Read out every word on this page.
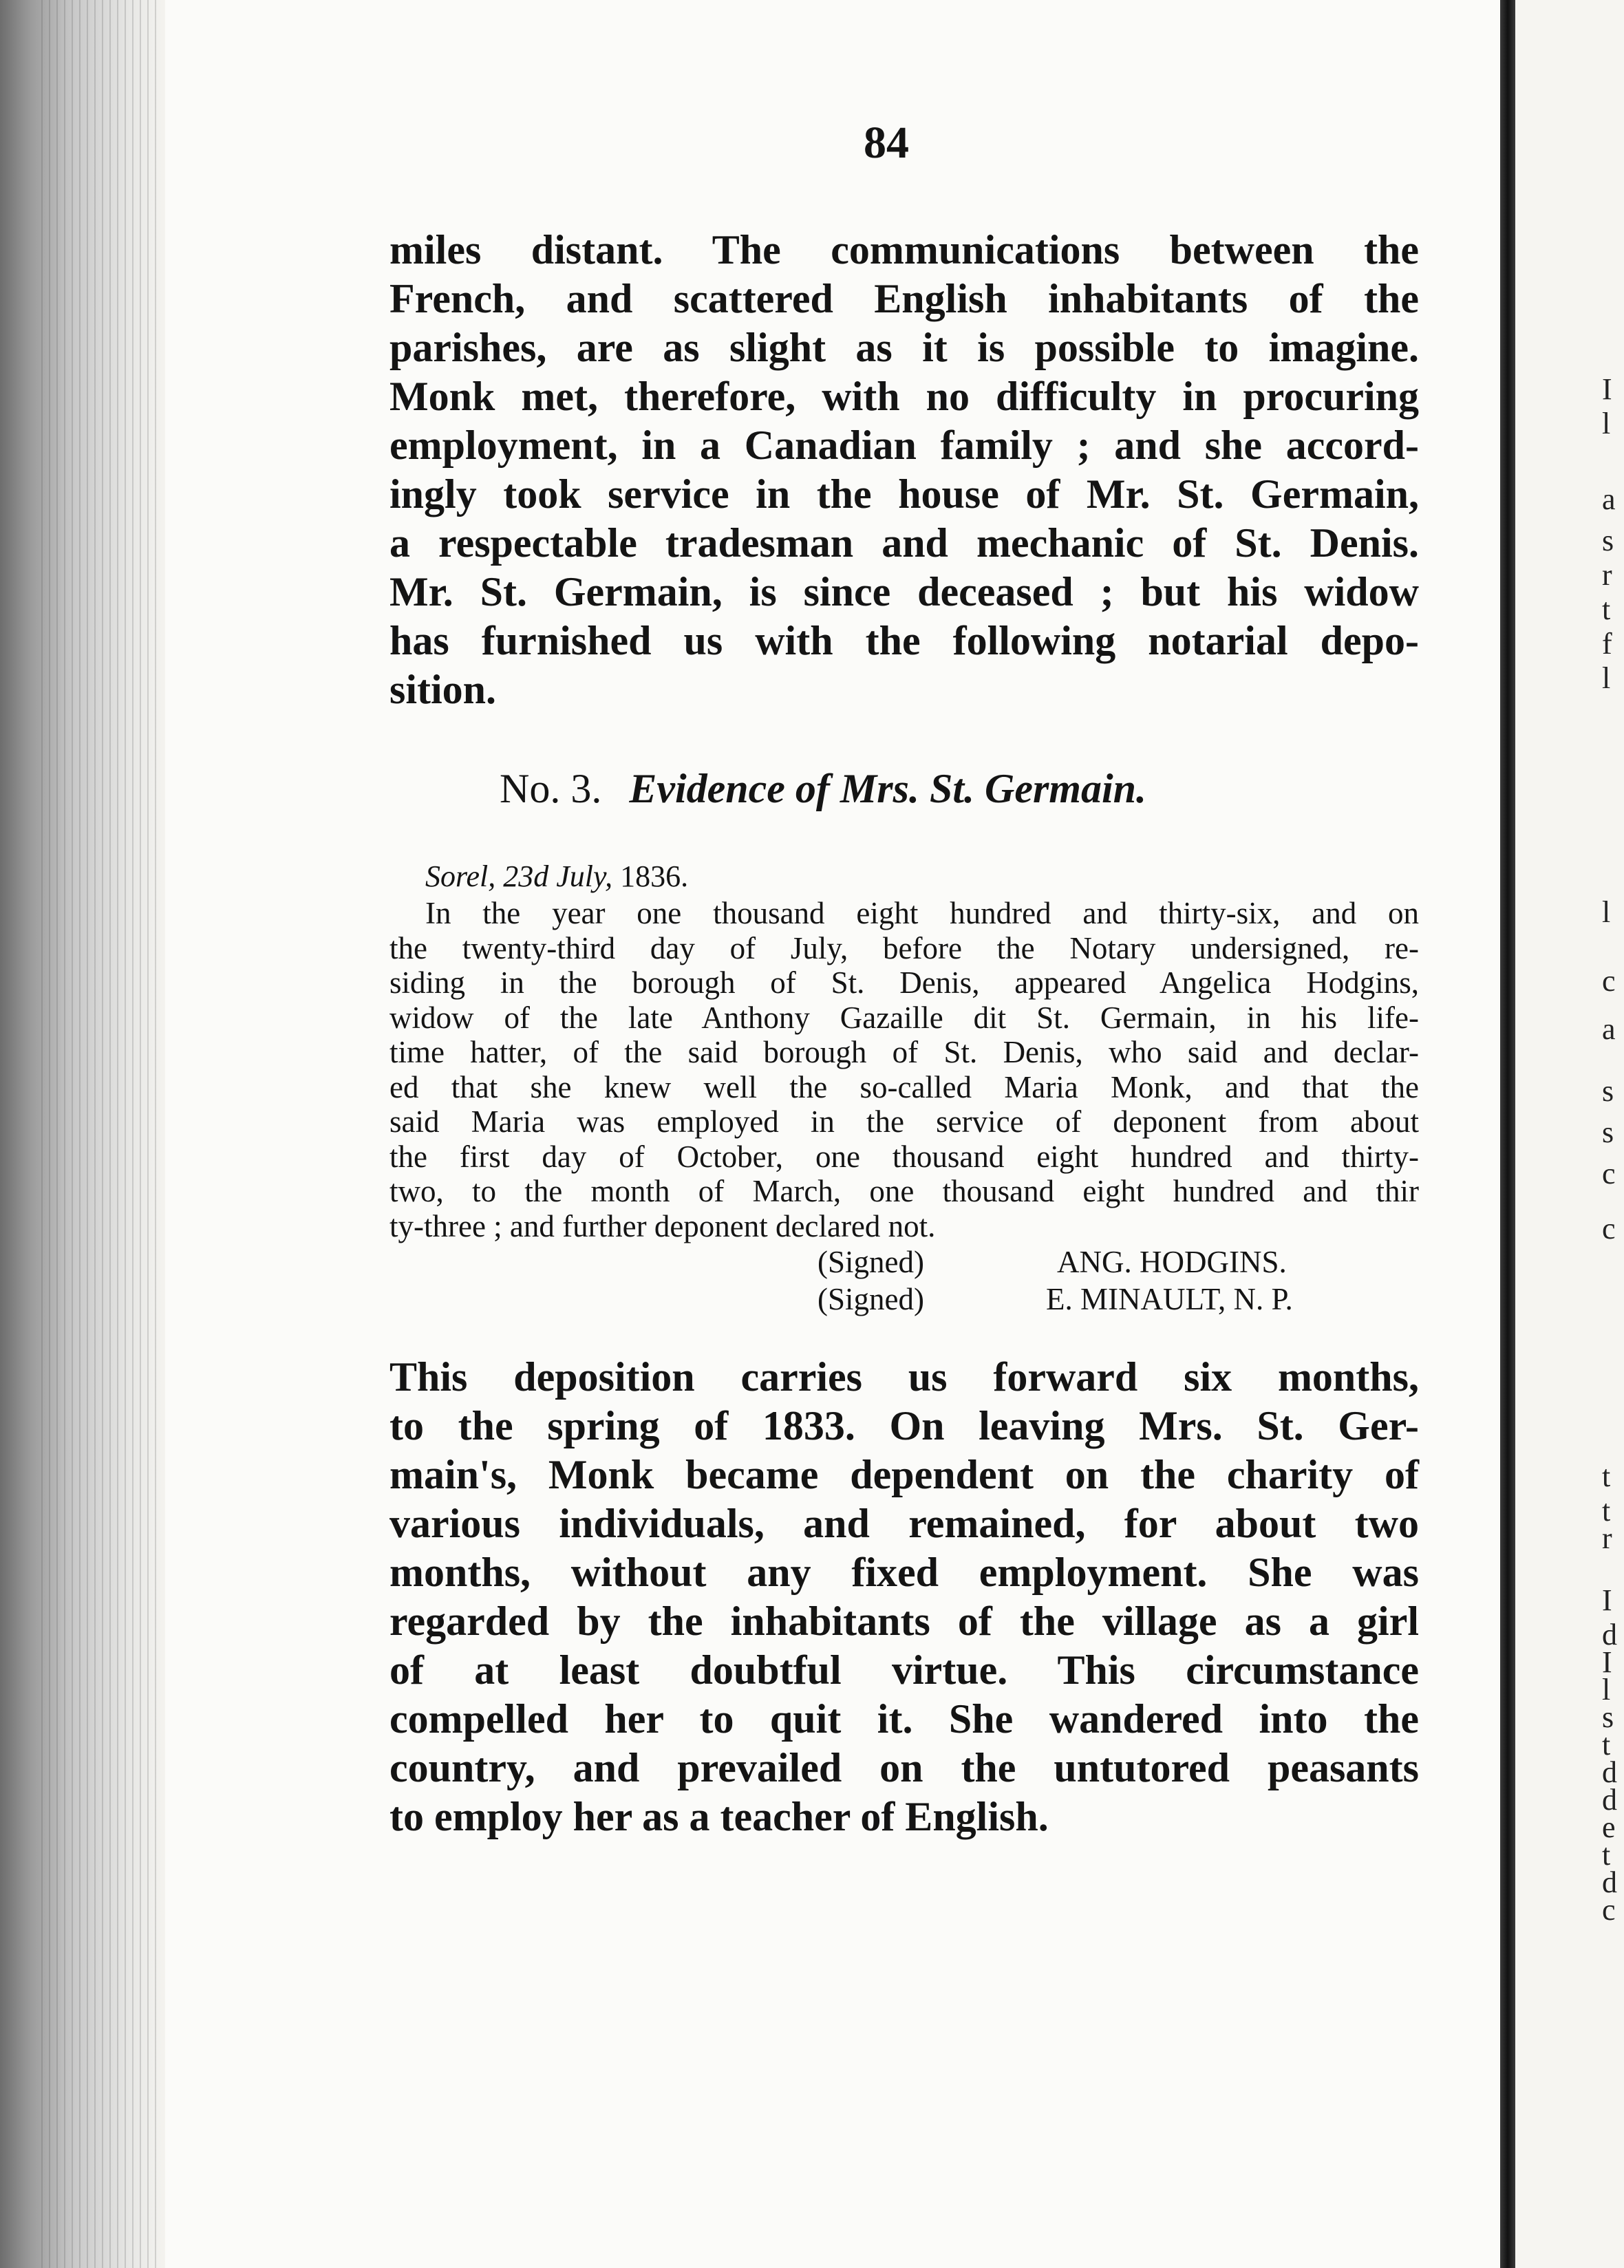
I
l
a
s
r
t
f
l
l
c
a
s
s
c
c
t
t
r
I
d
I
l
s
t
d
d
e
t
d
c
84
miles distant. The communications between the
French, and scattered English inhabitants of the
parishes, are as slight as it is possible to imagine.
Monk met, therefore, with no difficulty in procuring
employment, in a Canadian family ; and she accord-
ingly took service in the house of Mr. St. Germain,
a respectable tradesman and mechanic of St. Denis.
Mr. St. Germain, is since deceased ; but his widow
has furnished us with the following notarial depo-
sition.
No. 3. Evidence of Mrs. St. Germain.
Sorel, 23d July, 1836.
In the year one thousand eight hundred and thirty-six, and on
the twenty-third day of July, before the Notary undersigned, re-
siding in the borough of St. Denis, appeared Angelica Hodgins,
widow of the late Anthony Gazaille dit St. Germain, in his life-
time hatter, of the said borough of St. Denis, who said and declar-
ed that she knew well the so-called Maria Monk, and that the
said Maria was employed in the service of deponent from about
the first day of October, one thousand eight hundred and thirty-
two, to the month of March, one thousand eight hundred and thir
ty-three ; and further deponent declared not.
(Signed)	ANG. HODGINS.
(Signed)	E. MINAULT, N. P.
This deposition carries us forward six months,
to the spring of 1833. On leaving Mrs. St. Ger-
main's, Monk became dependent on the charity of
various individuals, and remained, for about two
months, without any fixed employment. She was
regarded by the inhabitants of the village as a girl
of at least doubtful virtue. This circumstance
compelled her to quit it. She wandered into the
country, and prevailed on the untutored peasants
to employ her as a teacher of English.
